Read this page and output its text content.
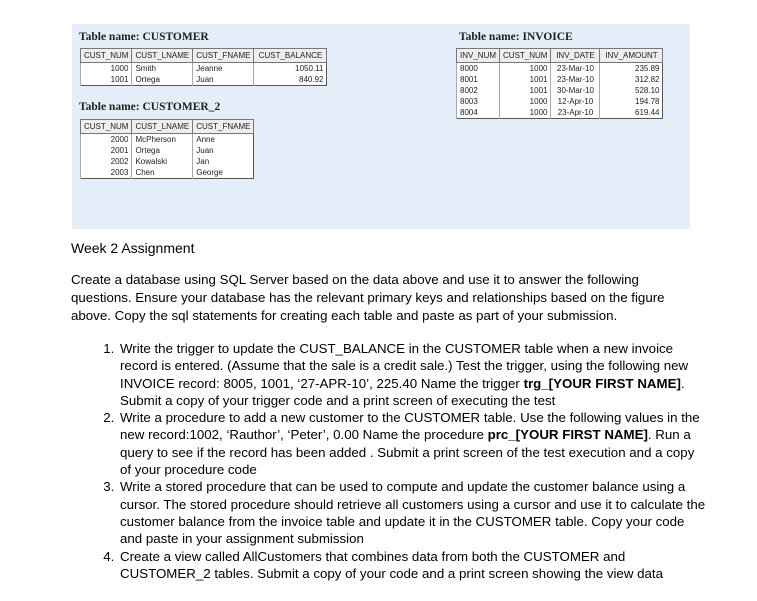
Table name: CUSTOMER
CUST_NUM	CUST_LNAME	CUST_FNAME	CUST_BALANCE
1000	Smith	Jeanne	1050.11
1001	Ortega	Juan	840.92
Table name: CUSTOMER_2
CUST_NUM	CUST_LNAME	CUST_FNAME
2000	McPherson	Anne
2001	Ortega	Juan
2002	Kowalski	Jan
2003	Chen	George
Table name: INVOICE
INV_NUM	CUST_NUM	INV_DATE	INV_AMOUNT
8000	1000	23-Mar-10	235.89
8001	1001	23-Mar-10	312.82
8002	1001	30-Mar-10	528.10
8003	1000	12-Apr-10	194.78
8004	1000	23-Apr-10	619.44
Week 2 Assignment
Create a database using SQL Server based on the data above and use it to answer the following questions. Ensure your database has the relevant primary keys and relationships based on the figure above. Copy the sql statements for creating each table and paste as part of your submission.
1. Write the trigger to update the CUST_BALANCE in the CUSTOMER table when a new invoice record is entered. (Assume that the sale is a credit sale.) Test the trigger, using the following new INVOICE record: 8005, 1001, ‘27-APR-10’, 225.40 Name the trigger trg_[YOUR FIRST NAME]. Submit a copy of your trigger code and a print screen of executing the test
2. Write a procedure to add a new customer to the CUSTOMER table. Use the following values in the new record:1002, ‘Rauthor’, ‘Peter’, 0.00 Name the procedure prc_[YOUR FIRST NAME]. Run a query to see if the record has been added . Submit a print screen of the test execution and a copy of your procedure code
3. Write a stored procedure that can be used to compute and update the customer balance using a cursor. The stored procedure should retrieve all customers using a cursor and use it to calculate the customer balance from the invoice table and update it in the CUSTOMER table. Copy your code and paste in your assignment submission
4. Create a view called AllCustomers that combines data from both the CUSTOMER and CUSTOMER_2 tables. Submit a copy of your code and a print screen showing the view data
